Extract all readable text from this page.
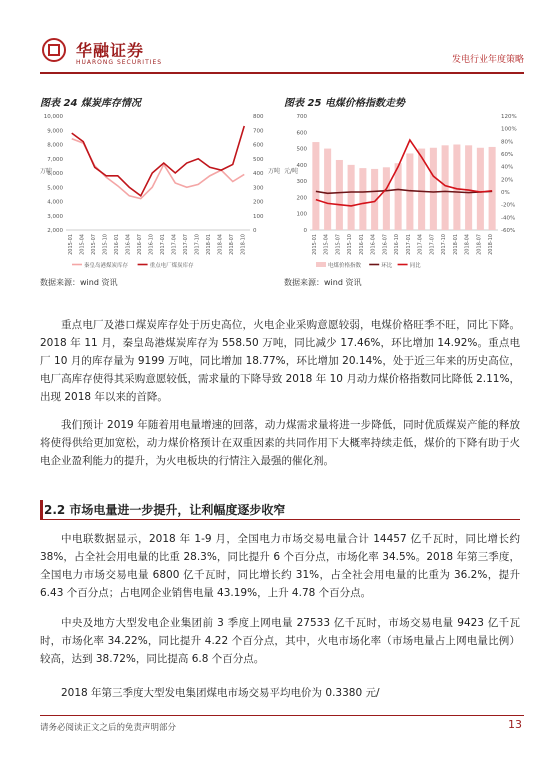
华融证券
HUARONG SECURITIES	发电行业年度策略
图表 24 煤炭库存情况
2,000
3,000
4,000
5,000
6,000
7,000
8,000
9,000
10,000
0
100
200
300
400
500
600
700
800
2015-01 2015-04 2015-07 2015-10 2016-01 2016-04 2016-07 2016-10 2017-01 2017-04 2017-07 2017-10 2018-01 2018-04 2018-07 2018-10
万吨	万吨
秦皇岛港煤炭库存	重点电厂煤炭库存
数据来源：wind 资讯
图表 25 电煤价格指数走势
0
100
200
300
400
500
600
700
-60%
-40%
-20%
0%
20%
40%
60%
80%
100%
120%
2015-01 2015-04 2015-07 2015-10 2016-01 2016-04 2016-07 2016-10 2017-01 2017-04 2017-07 2017-10 2018-01 2018-04 2018-07 2018-10
元/吨
电煤价格指数	环比	同比
数据来源：wind 资讯

重点电厂及港口煤炭库存处于历史高位，火电企业采购意愿较弱，电煤价格旺季不旺，同比下降。2018 年 11 月，秦皇岛港煤炭库存为 558.50 万吨，同比减少 17.46%，环比增加 14.92%。重点电厂 10 月的库存量为 9199 万吨，同比增加 18.77%，环比增加 20.14%，处于近三年来的历史高位，电厂高库存使得其采购意愿较低，需求量的下降导致 2018 年 10 月动力煤价格指数同比降低 2.11%，出现 2018 年以来的首降。

我们预计 2019 年随着用电量增速的回落，动力煤需求量将进一步降低，同时优质煤炭产能的释放将使得供给更加宽松，动力煤价格预计在双重因素的共同作用下大概率持续走低，煤价的下降有助于火电企业盈利能力的提升，为火电板块的行情注入最强的催化剂。

2.2 市场电量进一步提升，让利幅度逐步收窄

中电联数据显示，2018 年 1-9 月，全国电力市场交易电量合计 14457 亿千瓦时，同比增长约 38%，占全社会用电量的比重 28.3%，同比提升 6 个百分点，市场化率 34.5%。2018 年第三季度，全国电力市场交易电量 6800 亿千瓦时，同比增长约 31%，占全社会用电量的比重为 36.2%，提升 6.43 个百分点；占电网企业销售电量 43.19%，上升 4.78 个百分点。

中央及地方大型发电企业集团前 3 季度上网电量 27533 亿千瓦时，市场交易电量 9423 亿千瓦时，市场化率 34.22%，同比提升 4.22 个百分点，其中，火电市场化率（市场电量占上网电量比例）较高，达到 38.72%，同比提高 6.8 个百分点。

2018 年第三季度大型发电集团煤电市场交易平均电价为 0.3380 元/

请务必阅读正文之后的免责声明部分	13
